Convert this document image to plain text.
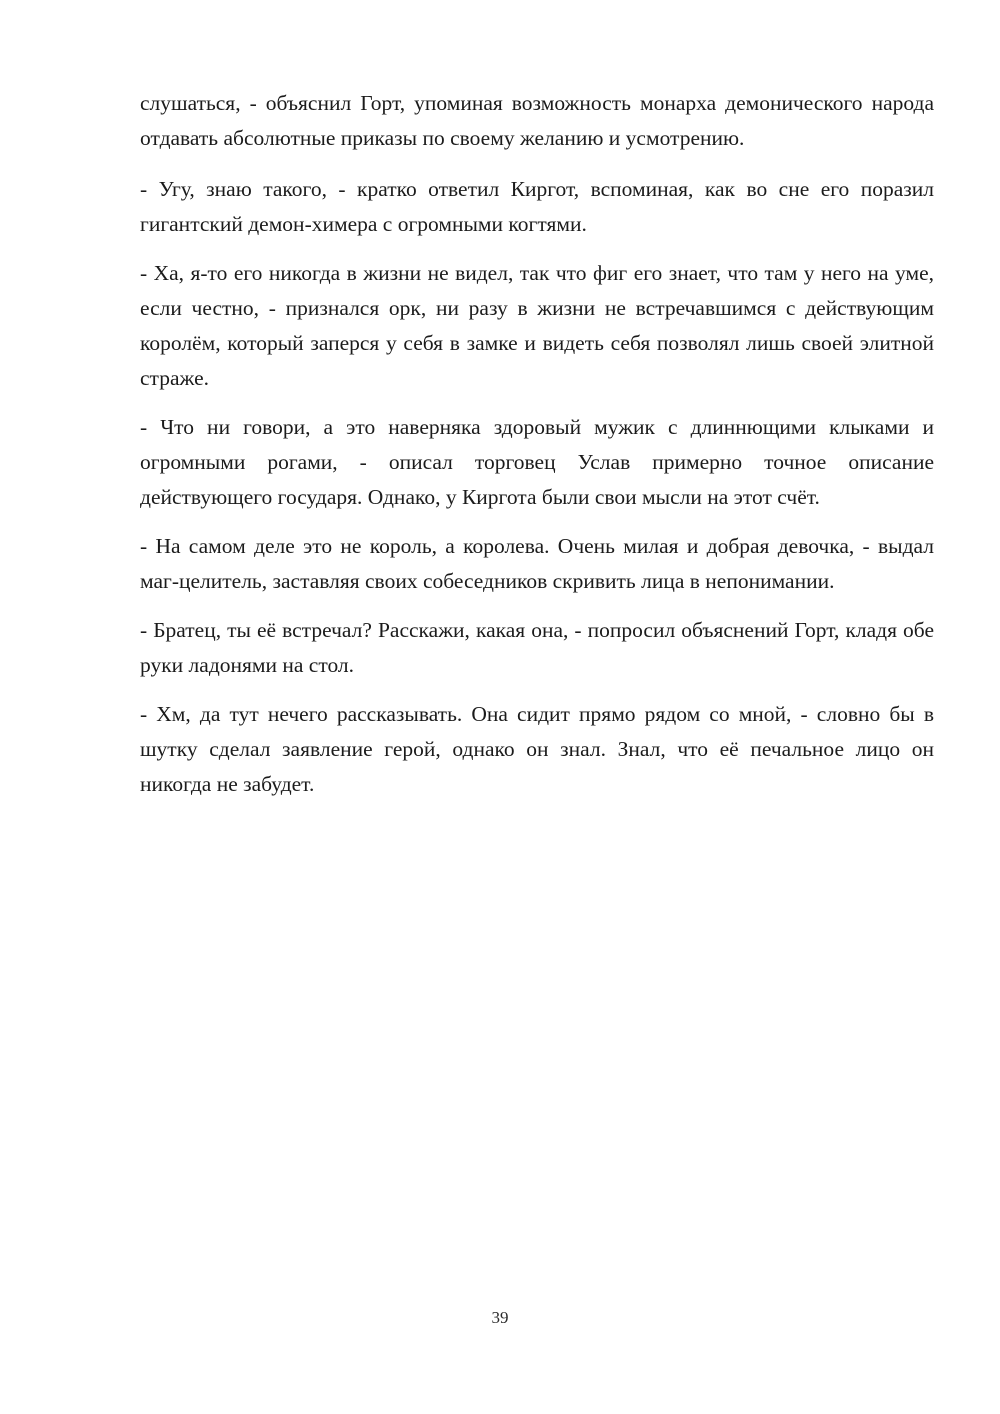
слушаться, - объяснил Горт, упоминая возможность монарха демонического народа отдавать абсолютные приказы по своему желанию и усмотрению.

- Угу, знаю такого, - кратко ответил Киргот, вспоминая, как во сне его поразил гигантский демон-химера с огромными когтями.

- Ха, я-то его никогда в жизни не видел, так что фиг его знает, что там у него на уме, если честно, - признался орк, ни разу в жизни не встречавшимся с действующим королём, который заперся у себя в замке и видеть себя позволял лишь своей элитной страже.

- Что ни говори, а это наверняка здоровый мужик с длиннющими клыками и огромными рогами, - описал торговец Услав примерно точное описание действующего государя. Однако, у Киргота были свои мысли на этот счёт.

- На самом деле это не король, а королева. Очень милая и добрая девочка, - выдал маг-целитель, заставляя своих собеседников скривить лица в непонимании.

- Братец, ты её встречал? Расскажи, какая она, - попросил объяснений Горт, кладя обе руки ладонями на стол.

- Хм, да тут нечего рассказывать. Она сидит прямо рядом со мной, - словно бы в шутку сделал заявление герой, однако он знал. Знал, что её печальное лицо он никогда не забудет.

39
